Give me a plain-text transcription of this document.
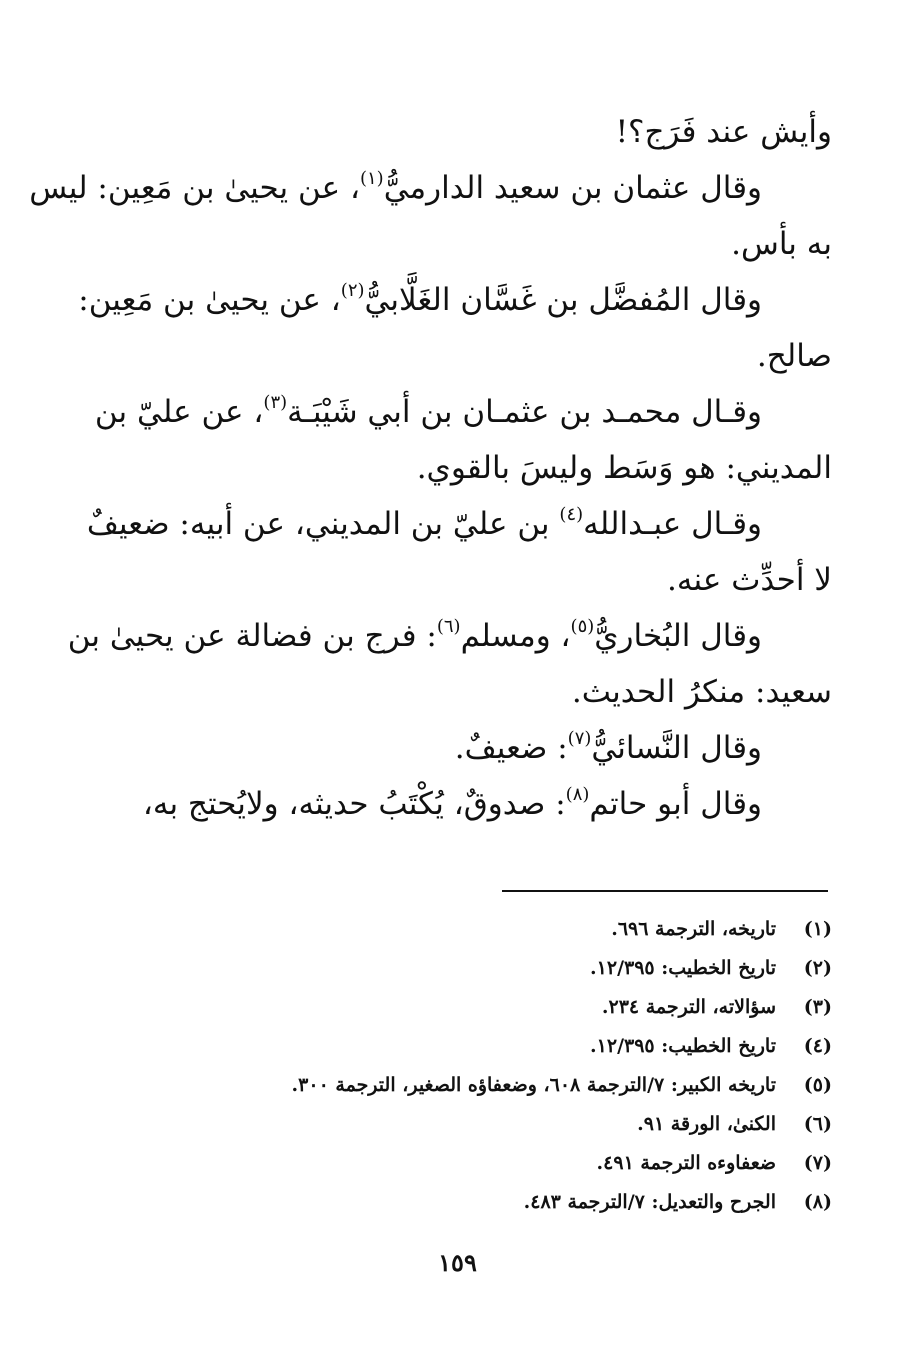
وأيش عند فَرَج؟!
وقال عثمان بن سعيد الدارميُّ$^{(١)}$، عن يحيىٰ بن مَعِين: ليس
به بأس.
وقال المُفضَّل بن غَسَّان الغَلَّابيُّ$^{(٢)}$، عن يحيىٰ بن مَعِين:
صالح.
وقـال محمـد بن عثمـان بن أبي شَيْبَـة$^{(٣)}$، عن عليّ بن
المديني: هو وَسَط وليسَ بالقوي.
وقـال عبـدالله$^{(٤)}$ بن عليّ بن المديني، عن أبيه: ضعيفٌ
لا أحدِّث عنه.
وقال البُخاريُّ$^{(٥)}$، ومسلم$^{(٦)}$: فرج بن فضالة عن يحيىٰ بن
سعيد: منكرُ الحديث.
وقال النَّسائيُّ$^{(٧)}$: ضعيفٌ.
وقال أبو حاتم$^{(٨)}$: صدوقٌ، يُكْتَبُ حديثه، ولايُحتج به،
(١)
تاريخه، الترجمة ٦٩٦.
(٢)
تاريخ الخطيب: ١٢/٣٩٥.
(٣)
سؤالاته، الترجمة ٢٣٤.
(٤)
تاريخ الخطيب: ١٢/٣٩٥.
(٥)
تاريخه الكبير: ٧/الترجمة ٦٠٨، وضعفاؤه الصغير، الترجمة ٣٠٠.
(٦)
الكنىٰ، الورقة ٩١.
(٧)
ضعفاوءه الترجمة ٤٩١.
(٨)
الجرح والتعديل: ٧/الترجمة ٤٨٣.
١٥٩
